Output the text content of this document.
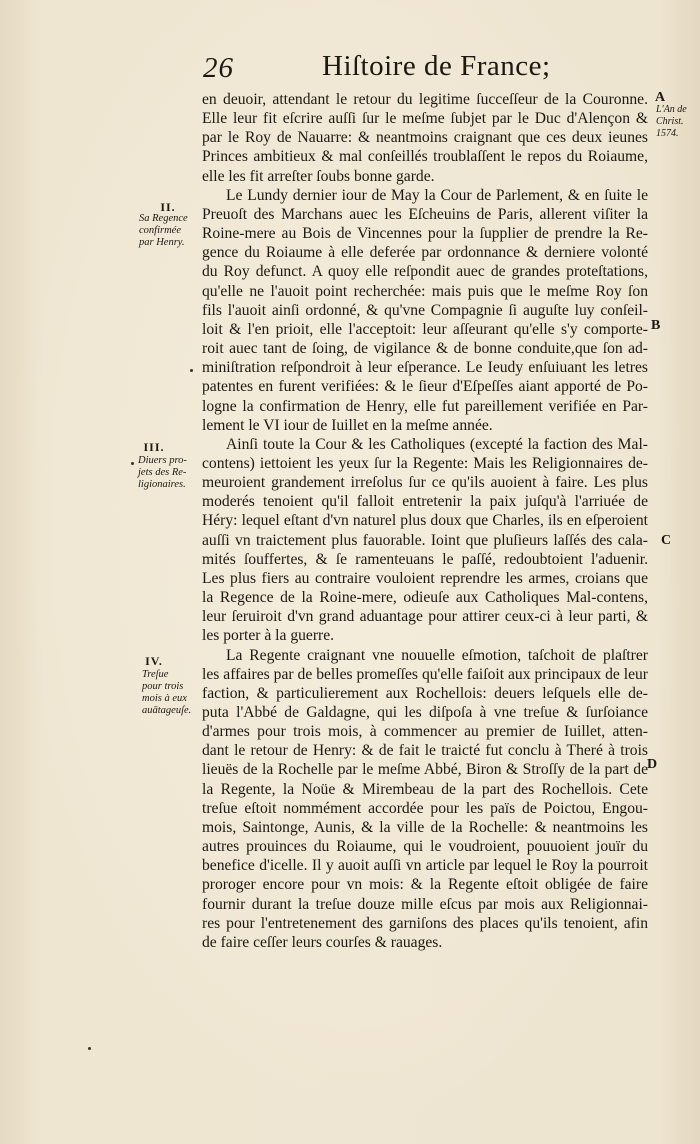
26	Hiſtoire de France;
A
L'An de
Christ.
1574.
B
C
D
II.
Sa Regence
confirmée
par Henry.
III.
Diuers pro-
jets des Re-
ligionaires.
IV.
Treſue
pour trois
mois à eux
auātageuſe.
en deuoir, attendant le retour du legitime ſucceſſeur de la Couronne.
Elle leur fit eſcrire auſſi ſur le meſme ſubjet par le Duc d'Alençon &
par le Roy de Nauarre: & neantmoins craignant que ces deux ieunes
Princes ambitieux & mal conſeillés troublaſſent le repos du Roiaume,
elle les fit arreſter ſoubs bonne garde.
Le Lundy dernier iour de May la Cour de Parlement, & en ſuite le
Preuoſt des Marchans auec les Eſcheuins de Paris, allerent viſiter la
Roine-mere au Bois de Vincennes pour la ſupplier de prendre la Re-
gence du Roiaume à elle deferée par ordonnance & derniere volonté
du Roy defunct. A quoy elle reſpondit auec de grandes proteſtations,
qu'elle ne l'auoit point recherchée: mais puis que le meſme Roy ſon
fils l'auoit ainſi ordonné, & qu'vne Compagnie ſi auguſte luy conſeil-
loit & l'en prioit, elle l'acceptoit: leur aſſeurant qu'elle s'y comporte-
roit auec tant de ſoing, de vigilance & de bonne conduite,que ſon ad-
miniſtration reſpondroit à leur eſperance. Le Ieudy enſuiuant les letres
patentes en furent verifiées: & le ſieur d'Eſpeſſes aiant apporté de Po-
logne la confirmation de Henry, elle fut pareillement verifiée en Par-
lement le VI iour de Iuillet en la meſme année.
Ainſi toute la Cour & les Catholiques (excepté la faction des Mal-
contens) iettoient les yeux ſur la Regente: Mais les Religionnaires de-
meuroient grandement irreſolus ſur ce qu'ils auoient à faire. Les plus
moderés tenoient qu'il falloit entretenir la paix juſqu'à l'arriuée de
Héry: lequel eſtant d'vn naturel plus doux que Charles, ils en eſperoient
auſſi vn traictement plus fauorable. Ioint que pluſieurs laſſés des cala-
mités ſouffertes, & ſe ramenteuans le paſſé, redoubtoient l'aduenir.
Les plus fiers au contraire vouloient reprendre les armes, croians que
la Regence de la Roine-mere, odieuſe aux Catholiques Mal-contens,
leur ſeruiroit d'vn grand aduantage pour attirer ceux-ci à leur parti, &
les porter à la guerre.
La Regente craignant vne nouuelle eſmotion, taſchoit de plaſtrer
les affaires par de belles promeſſes qu'elle faiſoit aux principaux de leur
faction, & particulierement aux Rochellois: deuers leſquels elle de-
puta l'Abbé de Galdagne, qui les diſpoſa à vne treſue & ſurſoiance
d'armes pour trois mois, à commencer au premier de Iuillet, atten-
dant le retour de Henry: & de fait le traicté fut conclu à Theré à trois
lieuës de la Rochelle par le meſme Abbé, Biron & Stroſſy de la part de
la Regente, la Noüe & Mirembeau de la part des Rochellois. Cete
treſue eſtoit nommément accordée pour les païs de Poictou, Engou-
mois, Saintonge, Aunis, & la ville de la Rochelle: & neantmoins les
autres prouinces du Roiaume, qui le voudroient, pouuoient jouïr du
benefice d'icelle. Il y auoit auſſi vn article par lequel le Roy la pourroit
proroger encore pour vn mois: & la Regente eſtoit obligée de faire
fournir durant la treſue douze mille eſcus par mois aux Religionnai-
res pour l'entretenement des garniſons des places qu'ils tenoient, afin
de faire ceſſer leurs courſes & rauages.
